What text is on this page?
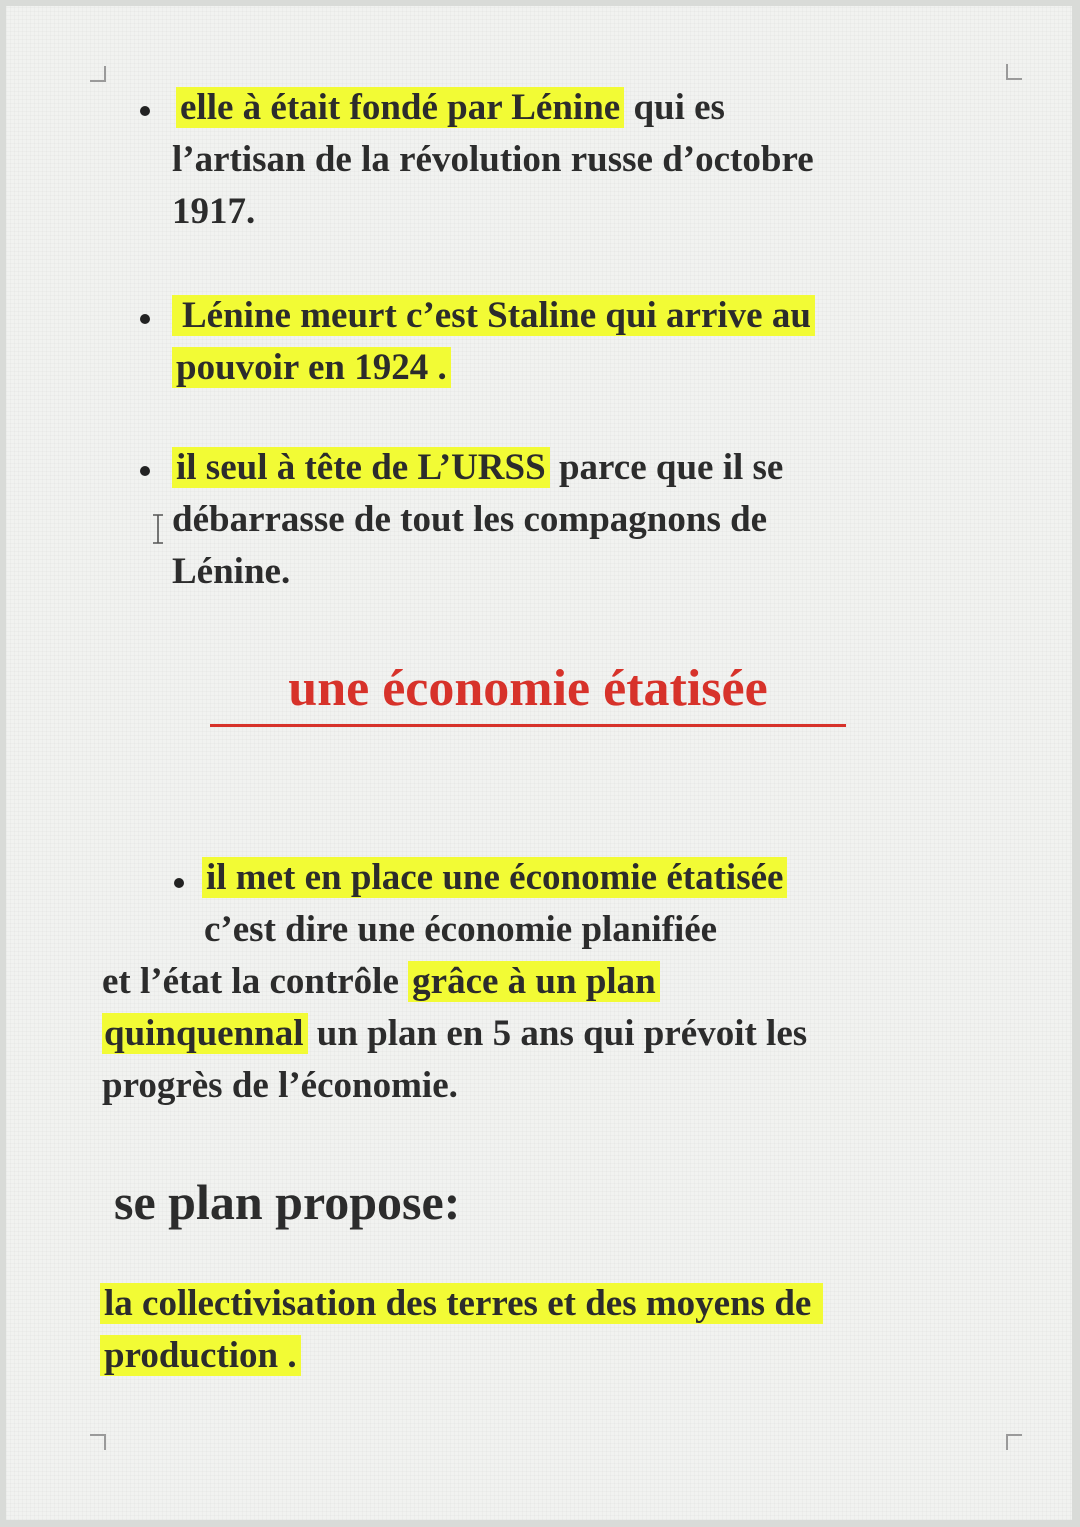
elle à était fondé par Lénine qui es
l’artisan de la révolution russe d’octobre
1917.
Lénine meurt c’est Staline qui arrive au
pouvoir en 1924 .
il seul à tête de L’URSS parce que il se
débarrasse de tout les compagnons de
Lénine.
une économie étatisée
il met en place une économie étatisée
c’est dire une économie planifiée
et l’état la contrôle grâce à un plan
quinquennal un plan en 5 ans qui prévoit les
progrès de l’économie.
se plan propose:
la collectivisation des terres et des moyens de
production .
